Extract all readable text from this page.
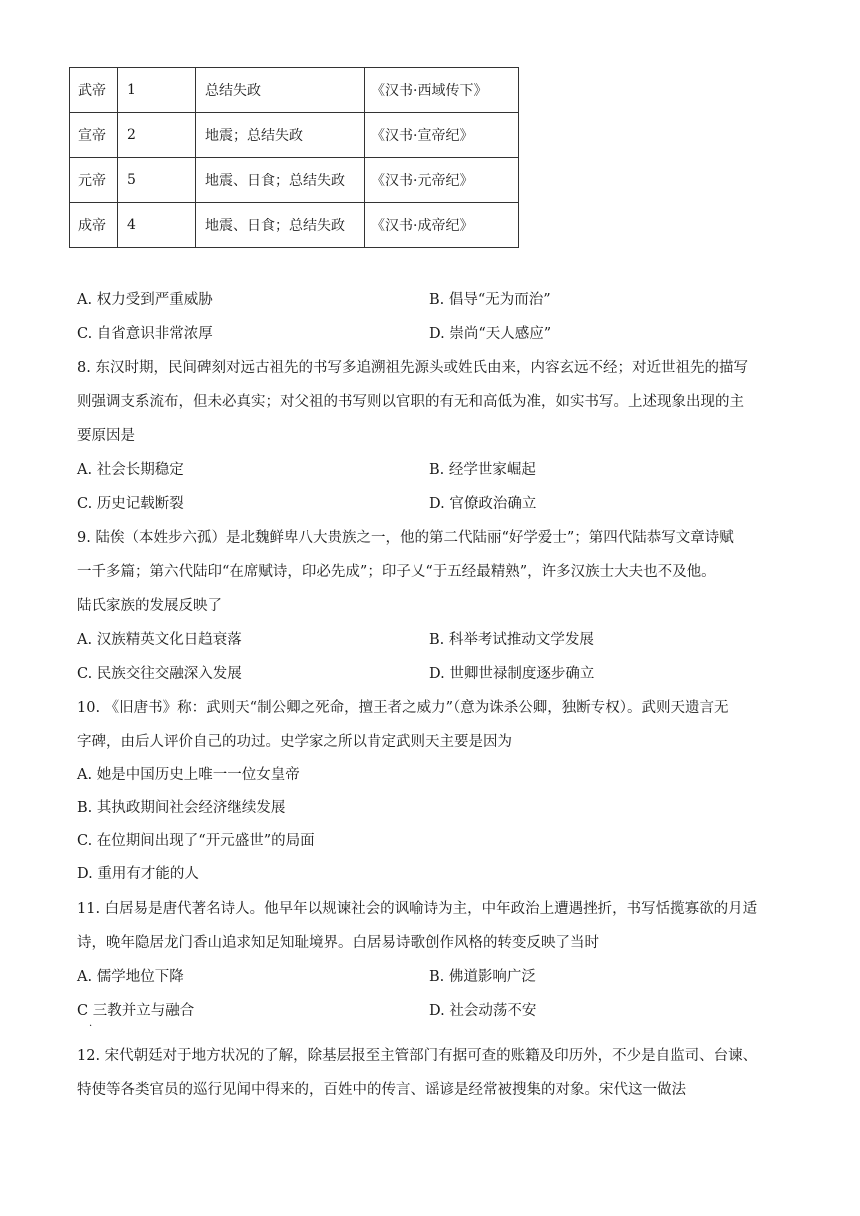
武帝	1	总结失政	《汉书·西域传下》
宣帝	2	地震；总结失政	《汉书·宣帝纪》
元帝	5	地震、日食；总结失政	《汉书·元帝纪》
成帝	4	地震、日食；总结失政	《汉书·成帝纪》
A. 权力受到严重威胁	B. 倡导“无为而治”
C. 自省意识非常浓厚	D. 崇尚“天人感应”
8. 东汉时期，民间碑刻对远古祖先的书写多追溯祖先源头或姓氏由来，内容玄远不经；对近世祖先的描写
则强调支系流布，但未必真实；对父祖的书写则以官职的有无和高低为准，如实书写。上述现象出现的主
要原因是
A. 社会长期稳定	B. 经学世家崛起
C. 历史记载断裂	D. 官僚政治确立
9. 陆俟（本姓步六孤）是北魏鲜卑八大贵族之一，他的第二代陆丽“好学爱士”；第四代陆恭写文章诗赋
一千多篇；第六代陆印“在席赋诗，印必先成”；印子乂“于五经最精熟”，许多汉族士大夫也不及他。
陆氏家族的发展反映了
A. 汉族精英文化日趋衰落	B. 科举考试推动文学发展
C. 民族交往交融深入发展	D. 世卿世禄制度逐步确立
10. 《旧唐书》称：武则天“制公卿之死命，擅王者之威力”（意为诛杀公卿，独断专权）。武则天遗言无
字碑，由后人评价自己的功过。史学家之所以肯定武则天主要是因为
A. 她是中国历史上唯一一位女皇帝
B. 其执政期间社会经济继续发展
C. 在位期间出现了“开元盛世”的局面
D. 重用有才能的人
11. 白居易是唐代著名诗人。他早年以规谏社会的讽喻诗为主，中年政治上遭遇挫折，书写恬揽寡欲的月适
诗，晚年隐居龙门香山追求知足知耻境界。白居易诗歌创作风格的转变反映了当时
A. 儒学地位下降	B. 佛道影响广泛
C 三教并立与融合	D. 社会动荡不安
.
12. 宋代朝廷对于地方状况的了解，除基层报至主管部门有据可查的账籍及印历外，不少是自监司、台谏、
特使等各类官员的巡行见闻中得来的，百姓中的传言、谣谚是经常被搜集的对象。宋代这一做法
